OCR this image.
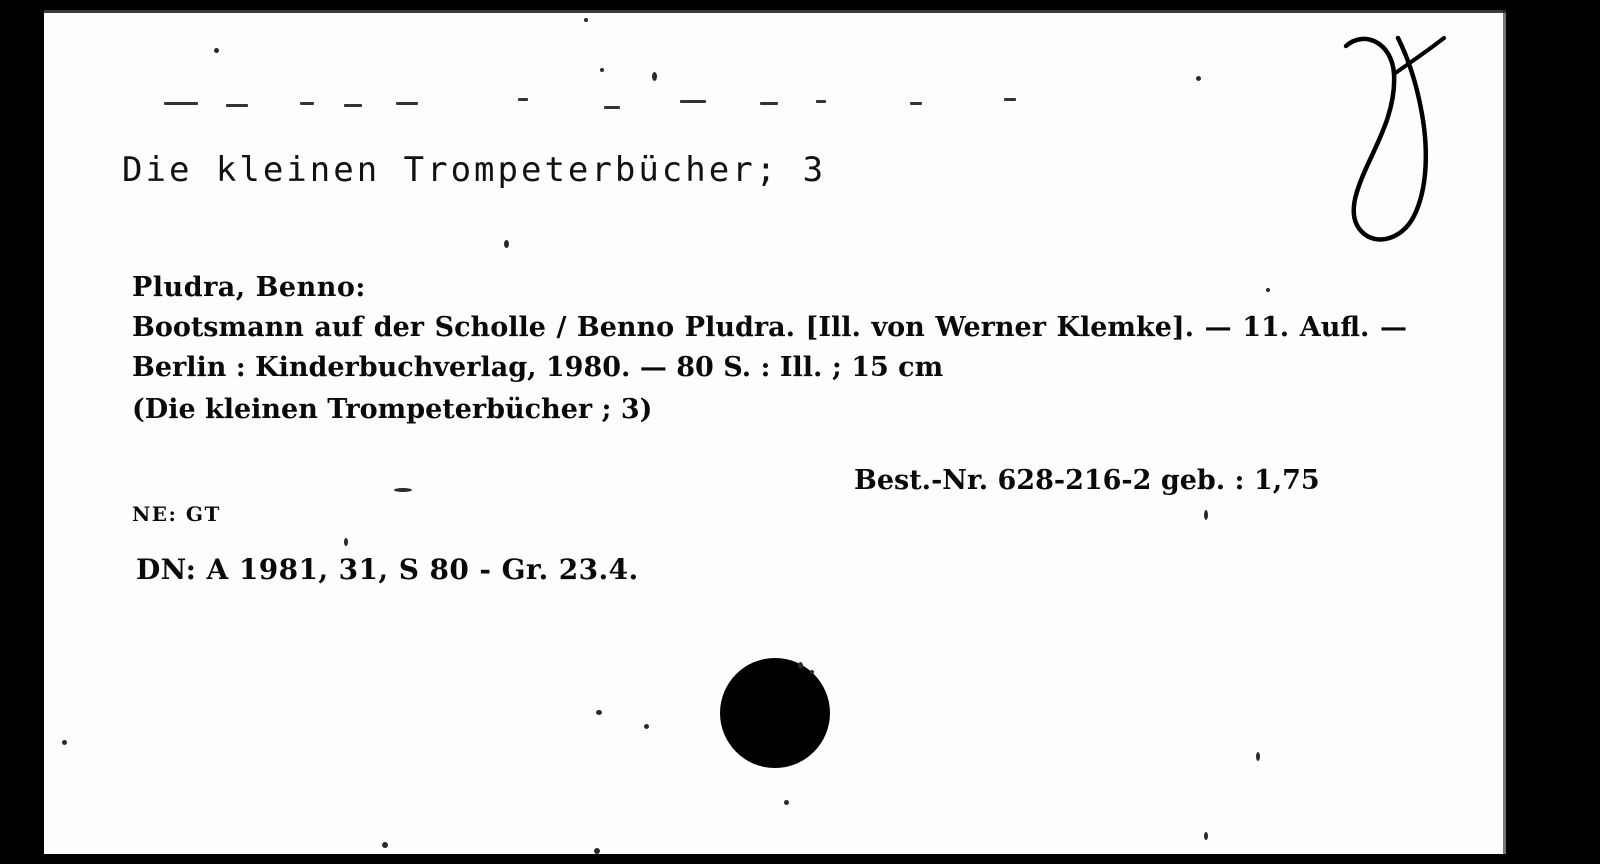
Die kleinen Trompeterbücher; 3
Pludra, Benno:
Bootsmann auf der Scholle / Benno Pludra. [Ill. von Werner Klemke]. — 11. Aufl. — Berlin : Kinderbuchverlag, 1980. — 80 S. : Ill. ; 15 cm
(Die kleinen Trompeterbücher ; 3)
Best.-Nr. 628-216-2 geb. : 1,75
NE: GT
DN: A 1981, 31, S 80 - Gr. 23.4.
